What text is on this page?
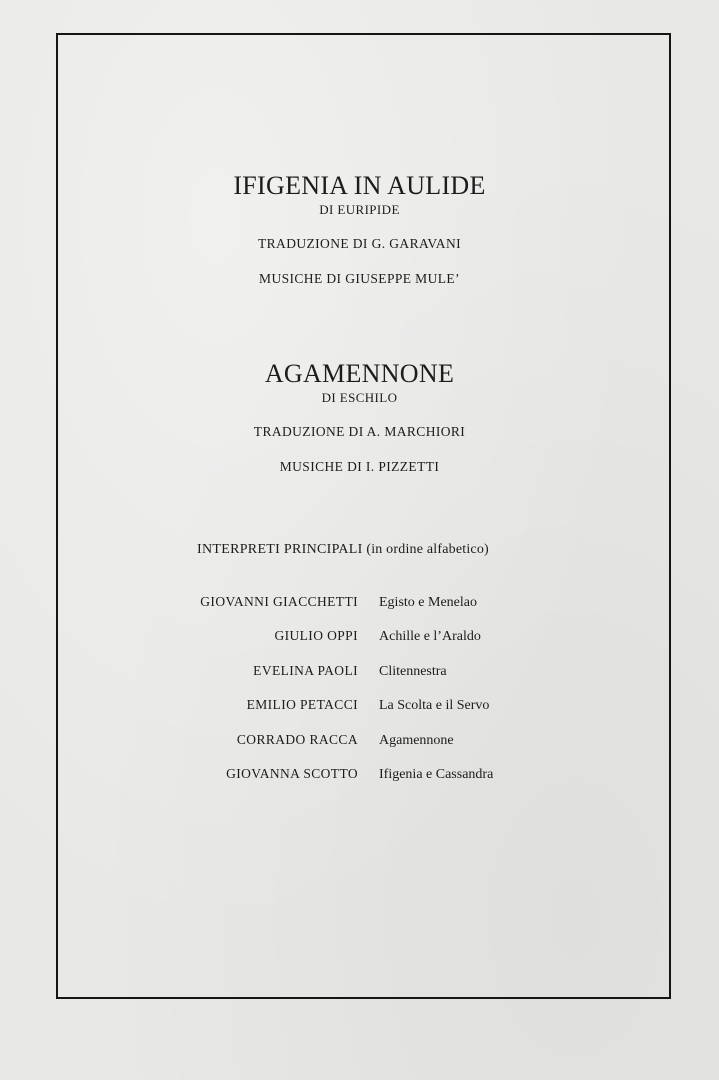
IFIGENIA IN AULIDE

DI EURIPIDE

TRADUZIONE DI G. GARAVANI

MUSICHE DI GIUSEPPE MULE’

AGAMENNONE

DI ESCHILO

TRADUZIONE DI A. MARCHIORI

MUSICHE DI I. PIZZETTI

INTERPRETI PRINCIPALI (in ordine alfabetico)
GIOVANNI GIACCHETTI Egisto e Menelao
GIULIO OPPI Achille e l’Araldo
EVELINA PAOLI Clitennestra
EMILIO PETACCI La Scolta e il Servo
CORRADO RACCA Agamennone
GIOVANNA SCOTTO Ifigenia e Cassandra
